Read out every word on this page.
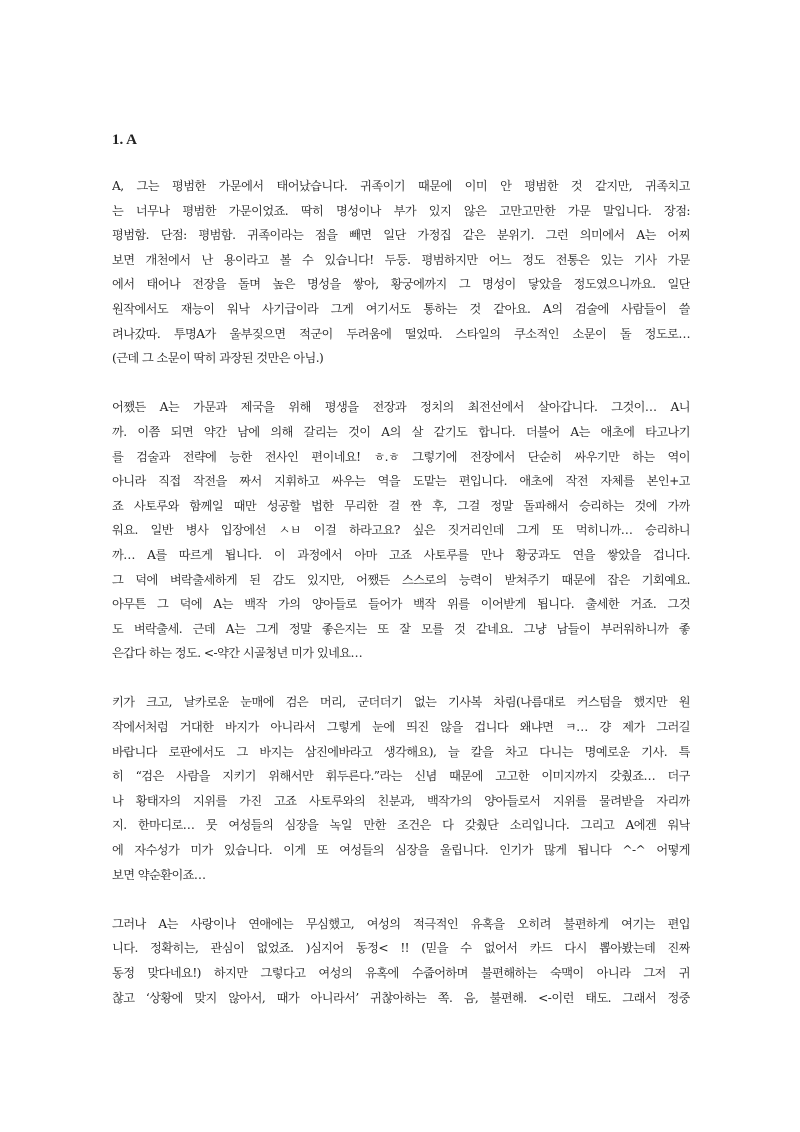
1. A
A, 그는 평범한 가문에서 태어났습니다. 귀족이기 때문에 이미 안 평범한 것 같지만, 귀족치고
는 너무나 평범한 가문이었죠. 딱히 명성이나 부가 있지 않은 고만고만한 가문 말입니다. 장점:
평범함. 단점: 평범함. 귀족이라는 점을 빼면 일단 가정집 같은 분위기. 그런 의미에서 A는 어찌
보면 개천에서 난 용이라고 볼 수 있습니다! 두둥. 평범하지만 어느 정도 전통은 있는 기사 가문
에서 태어나 전장을 돌며 높은 명성을 쌓아, 황궁에까지 그 명성이 닿았을 정도였으니까요. 일단
원작에서도 재능이 워낙 사기급이라 그게 여기서도 통하는 것 같아요. A의 검술에 사람들이 쓸
려나갔따. 투명A가 울부짖으면 적군이 두려움에 떨었따. 스타일의 쿠소적인 소문이 돌 정도로…
(근데 그 소문이 딱히 과장된 것만은 아님.)
어쨌든 A는 가문과 제국을 위해 평생을 전장과 정치의 최전선에서 살아갑니다. 그것이… A니
까. 이쯤 되면 약간 남에 의해 갈리는 것이 A의 살 같기도 합니다. 더불어 A는 애초에 타고나기
를 검술과 전략에 능한 전사인 편이네요! ㅎ.ㅎ 그렇기에 전장에서 단순히 싸우기만 하는 역이
아니라 직접 작전을 짜서 지휘하고 싸우는 역을 도맡는 편입니다. 애초에 작전 자체를 본인+고
죠 사토루와 함께일 때만 성공할 법한 무리한 걸 짠 후, 그걸 정말 돌파해서 승리하는 것에 가까
워요. 일반 병사 입장에선 ㅅㅂ 이걸 하라고요? 싶은 짓거리인데 그게 또 먹히니까… 승리하니
까… A를 따르게 됩니다. 이 과정에서 아마 고죠 사토루를 만나 황궁과도 연을 쌓았을 겁니다.
그 덕에 벼락출세하게 된 감도 있지만, 어쨌든 스스로의 능력이 받쳐주기 때문에 잡은 기회예요.
아무튼 그 덕에 A는 백작 가의 양아들로 들어가 백작 위를 이어받게 됩니다. 출세한 거죠. 그것
도 벼락출세. 근데 A는 그게 정말 좋은지는 또 잘 모를 것 같네요. 그냥 남들이 부러워하니까 좋
은갑다 하는 정도. <-약간 시골청년 미가 있네요…
키가 크고, 날카로운 눈매에 검은 머리, 군더더기 없는 기사복 차림(나름대로 커스텀을 했지만 원
작에서처럼 거대한 바지가 아니라서 그렇게 눈에 띄진 않을 겁니다 왜냐면 ㅋ… 걍 제가 그러길
바랍니다 로판에서도 그 바지는 삼진에바라고 생각해요), 늘 칼을 차고 다니는 명예로운 기사. 특
히 “검은 사람을 지키기 위해서만 휘두른다.”라는 신념 때문에 고고한 이미지까지 갖췄죠… 더구
나 황태자의 지위를 가진 고죠 사토루와의 친분과, 백작가의 양아들로서 지위를 물려받을 자리까
지. 한마디로… 뭇 여성들의 심장을 녹일 만한 조건은 다 갖췄단 소리입니다. 그리고 A에겐 워낙
에 자수성가 미가 있습니다. 이게 또 여성들의 심장을 울립니다. 인기가 많게 됩니다 ^-^ 어떻게
보면 약순환이죠…
그러나 A는 사랑이나 연애에는 무심했고, 여성의 적극적인 유혹을 오히려 불편하게 여기는 편입
니다. 정확히는, 관심이 없었죠. )심지어 동정< !! (믿을 수 없어서 카드 다시 뽑아봤는데 진짜
동정 맞다네요!) 하지만 그렇다고 여성의 유혹에 수줍어하며 불편해하는 숙맥이 아니라 그저 귀
찮고 ‘상황에 맞지 않아서, 때가 아니라서’ 귀찮아하는 쪽. 음, 불편해. <-이런 태도. 그래서 정중
